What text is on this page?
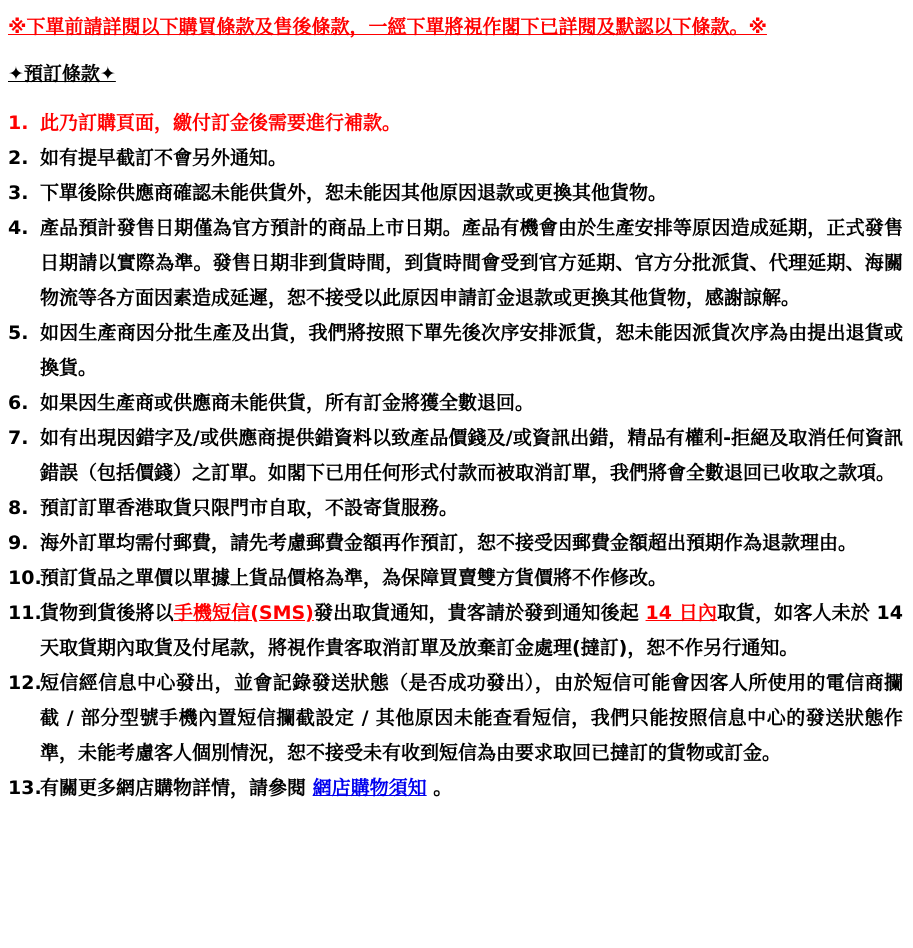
※下單前請詳閱以下購買條款及售後條款，一經下單將視作閣下已詳閱及默認以下條款。※
✦預訂條款✦
1. 此乃訂購頁面，繳付訂金後需要進行補款。
2. 如有提早截訂不會另外通知。
3. 下單後除供應商確認未能供貨外，恕未能因其他原因退款或更換其他貨物。
4. 產品預計發售日期僅為官方預計的商品上市日期。產品有機會由於生產安排等原因造成延期，正式發售日期請以實際為準。發售日期非到貨時間，到貨時間會受到官方延期、官方分批派貨、代理延期、海關物流等各方面因素造成延遲，恕不接受以此原因申請訂金退款或更換其他貨物，感謝諒解。
5. 如因生產商因分批生產及出貨，我們將按照下單先後次序安排派貨，恕未能因派貨次序為由提出退貨或換貨。
6. 如果因生產商或供應商未能供貨，所有訂金將獲全數退回。
7. 如有出現因錯字及/或供應商提供錯資料以致產品價錢及/或資訊出錯，精品有權利-拒絕及取消任何資訊錯誤（包括價錢）之訂單。如閣下已用任何形式付款而被取消訂單，我們將會全數退回已收取之款項。
8. 預訂訂單香港取貨只限門市自取，不設寄貨服務。
9. 海外訂單均需付郵費，請先考慮郵費金額再作預訂，恕不接受因郵費金額超出預期作為退款理由。
10.
預訂貨品之單價以單據上貨品價格為準，為保障買賣雙方貨價將不作修改。
11.
貨物到貨後將以手機短信(SMS)發出取貨通知，貴客請於發到通知後起 14 日內取貨，如客人未於 14 天取貨期內取貨及付尾款，將視作貴客取消訂單及放棄訂金處理(撻訂)，恕不作另行通知。
12.
短信經信息中心發出，並會記錄發送狀態（是否成功發出），由於短信可能會因客人所使用的電信商攔截 / 部分型號手機內置短信攔截設定 / 其他原因未能查看短信，我們只能按照信息中心的發送狀態作準，未能考慮客人個別情況，恕不接受未有收到短信為由要求取回已撻訂的貨物或訂金。
13.
有關更多網店購物詳情，請參閱 網店購物須知 。
